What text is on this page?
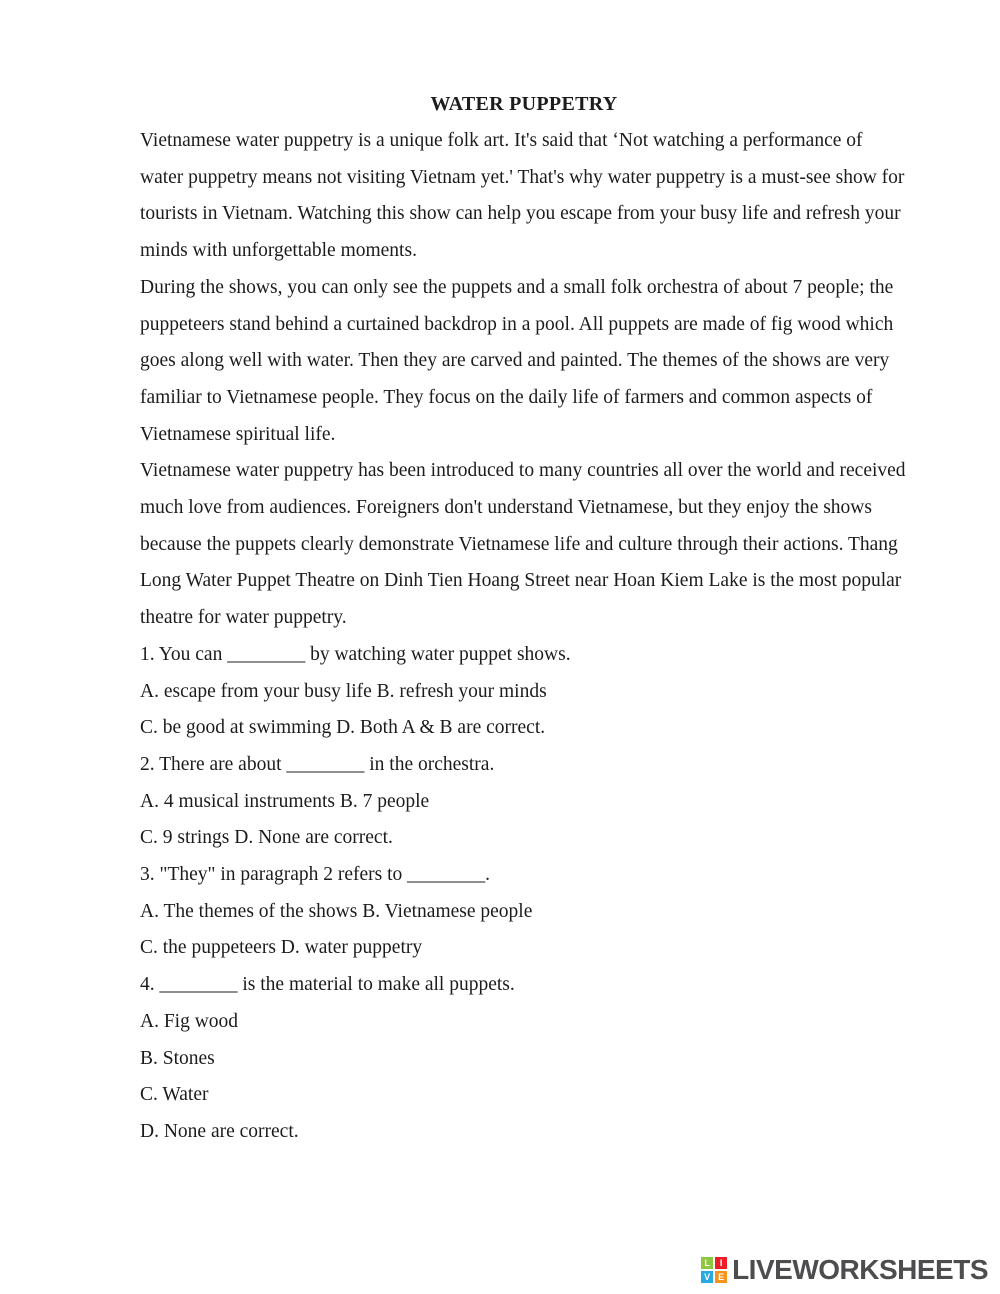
WATER PUPPETRY

Vietnamese water puppetry is a unique folk art. It's said that ‘Not watching a performance of water puppetry means not visiting Vietnam yet.' That's why water puppetry is a must-see show for tourists in Vietnam. Watching this show can help you escape from your busy life and refresh your minds with unforgettable moments.

During the shows, you can only see the puppets and a small folk orchestra of about 7 people; the puppeteers stand behind a curtained backdrop in a pool. All puppets are made of fig wood which goes along well with water. Then they are carved and painted. The themes of the shows are very familiar to Vietnamese people. They focus on the daily life of farmers and common aspects of Vietnamese spiritual life.

Vietnamese water puppetry has been introduced to many countries all over the world and received much love from audiences. Foreigners don't understand Vietnamese, but they enjoy the shows because the puppets clearly demonstrate Vietnamese life and culture through their actions. Thang Long Water Puppet Theatre on Dinh Tien Hoang Street near Hoan Kiem Lake is the most popular theatre for water puppetry.

1. You can ________ by watching water puppet shows.

A. escape from your busy life B. refresh your minds

C. be good at swimming D. Both A & B are correct.

2. There are about ________ in the orchestra.

A. 4 musical instruments B. 7 people

C. 9 strings D. None are correct.

3. "They" in paragraph 2 refers to ________.

A. The themes of the shows B. Vietnamese people

C. the puppeteers D. water puppetry

4. ________ is the material to make all puppets.

A. Fig wood

B. Stones

C. Water

D. None are correct.

L	I
V E LIVEWORKSHEETS
